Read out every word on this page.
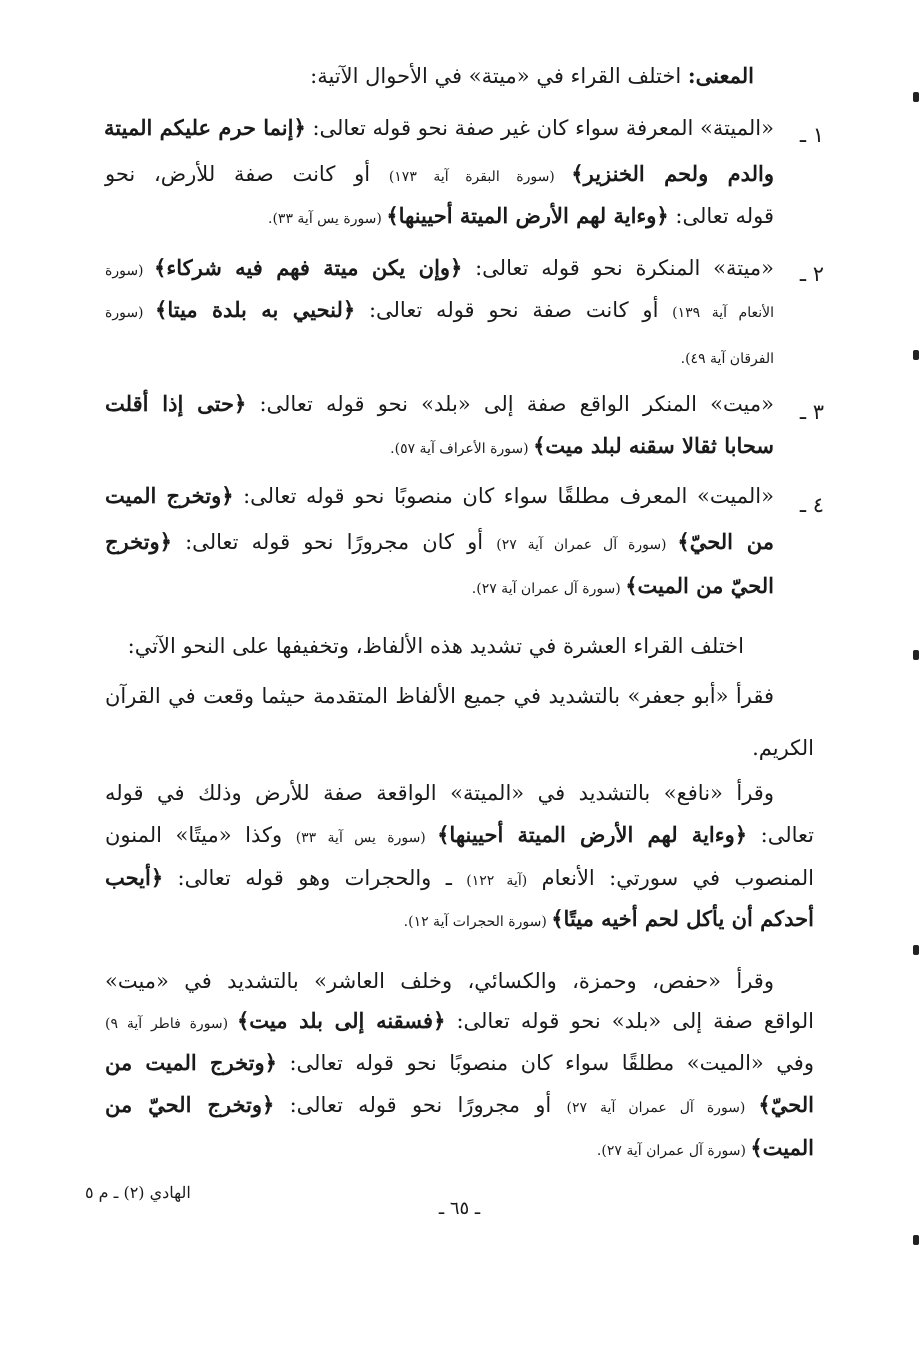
المعنى: اختلف القراء في «ميتة» في الأحوال الآتية:
١ ـ
«الميتة» المعرفة سواء كان غير صفة نحو قوله تعالى: ﴿إنما حرم عليكم الميتة
والدم ولحم الخنزير﴾ (سورة البقرة آية ١٧٣) أو كانت صفة للأرض، نحو
قوله تعالى: ﴿وءاية لهم الأرض الميتة أحيينها﴾ (سورة يس آية ٣٣).
٢ ـ
«ميتة» المنكرة نحو قوله تعالى: ﴿وإن يكن ميتة فهم فيه شركاء﴾ (سورة
الأنعام آية ١٣٩) أو كانت صفة نحو قوله تعالى: ﴿لنحيي به بلدة ميتا﴾ (سورة
الفرقان آية ٤٩).
٣ ـ
«ميت» المنكر الواقع صفة إلى «بلد» نحو قوله تعالى: ﴿حتى إذا أقلت
سحابا ثقالا سقنه لبلد ميت﴾ (سورة الأعراف آية ٥٧).
٤ ـ
«الميت» المعرف مطلقًا سواء كان منصوبًا نحو قوله تعالى: ﴿وتخرج الميت
من الحيّ﴾ (سورة آل عمران آية ٢٧) أو كان مجرورًا نحو قوله تعالى: ﴿وتخرج
الحيّ من الميت﴾ (سورة آل عمران آية ٢٧).
اختلف القراء العشرة في تشديد هذه الألفاظ، وتخفيفها على النحو الآتي:
فقرأ «أبو جعفر» بالتشديد في جميع الألفاظ المتقدمة حيثما وقعت في القرآن
الكريم.
وقرأ «نافع» بالتشديد في «الميتة» الواقعة صفة للأرض وذلك في قوله
تعالى: ﴿وءاية لهم الأرض الميتة أحيينها﴾ (سورة يس آية ٣٣) وكذا «ميتًا» المنون
المنصوب في سورتي: الأنعام (آية ١٢٢) ـ والحجرات وهو قوله تعالى: ﴿أيحب
أحدكم أن يأكل لحم أخيه ميتًا﴾ (سورة الحجرات آية ١٢).
وقرأ «حفص، وحمزة، والكسائي، وخلف العاشر» بالتشديد في «ميت»
الواقع صفة إلى «بلد» نحو قوله تعالى: ﴿فسقنه إلى بلد ميت﴾ (سورة فاطر آية ٩)
وفي «الميت» مطلقًا سواء كان منصوبًا نحو قوله تعالى: ﴿وتخرج الميت من
الحيّ﴾ (سورة آل عمران آية ٢٧) أو مجرورًا نحو قوله تعالى: ﴿وتخرج الحيّ من
الميت﴾ (سورة آل عمران آية ٢٧).
الهادي (٢) ـ م ٥
ـ ٦٥ ـ
